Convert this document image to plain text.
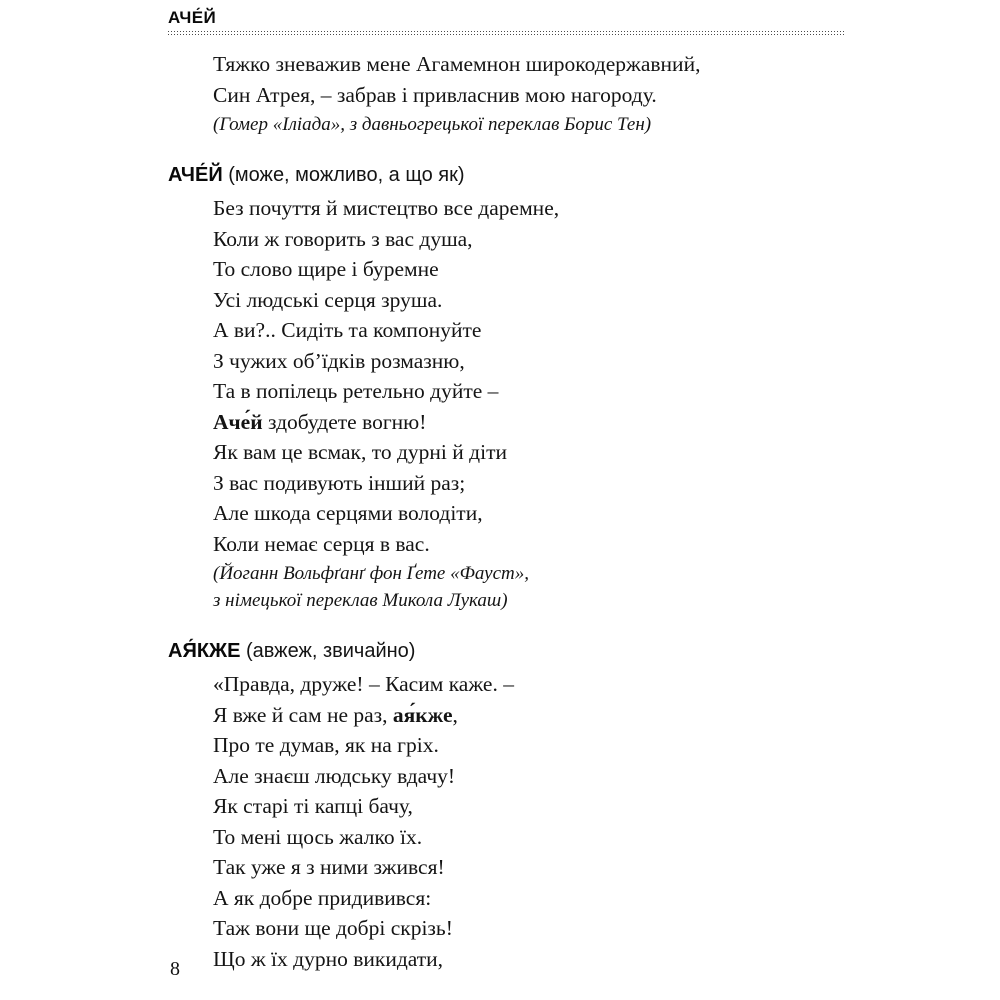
АЧЕ́Й
Тяжко зневажив мене Агамемнон широкодержавний,
Син Атрея, – забрав і привласнив мою нагороду.
(Гомер «Іліада», з давньогрецької переклав Борис Тен)
АЧЕ́Й (може, можливо, а що як)
Без почуття й мистецтво все даремне,
Коли ж говорить з вас душа,
То слово щире і буремне
Усі людські серця зруша.
А ви?.. Сидіть та компонуйте
З чужих об’їдків розмазню,
Та в попілець ретельно дуйте –
Аче́й здобудете вогню!
Як вам це всмак, то дурні й діти
З вас подивують інший раз;
Але шкода серцями володіти,
Коли немає серця в вас.
(Йоганн Вольфґанґ фон Ґете «Фауст»,
з німецької переклав Микола Лукаш)
АЯ́КЖЕ (авжеж, звичайно)
«Правда, друже! – Касим каже. –
Я вже й сам не раз, ая́кже,
Про те думав, як на гріх.
Але знаєш людську вдачу!
Як старі ті капці бачу,
То мені щось жалко їх.
Так уже я з ними зжився!
А як добре придивився:
Таж вони ще добрі скрізь!
Що ж їх дурно викидати,
8
